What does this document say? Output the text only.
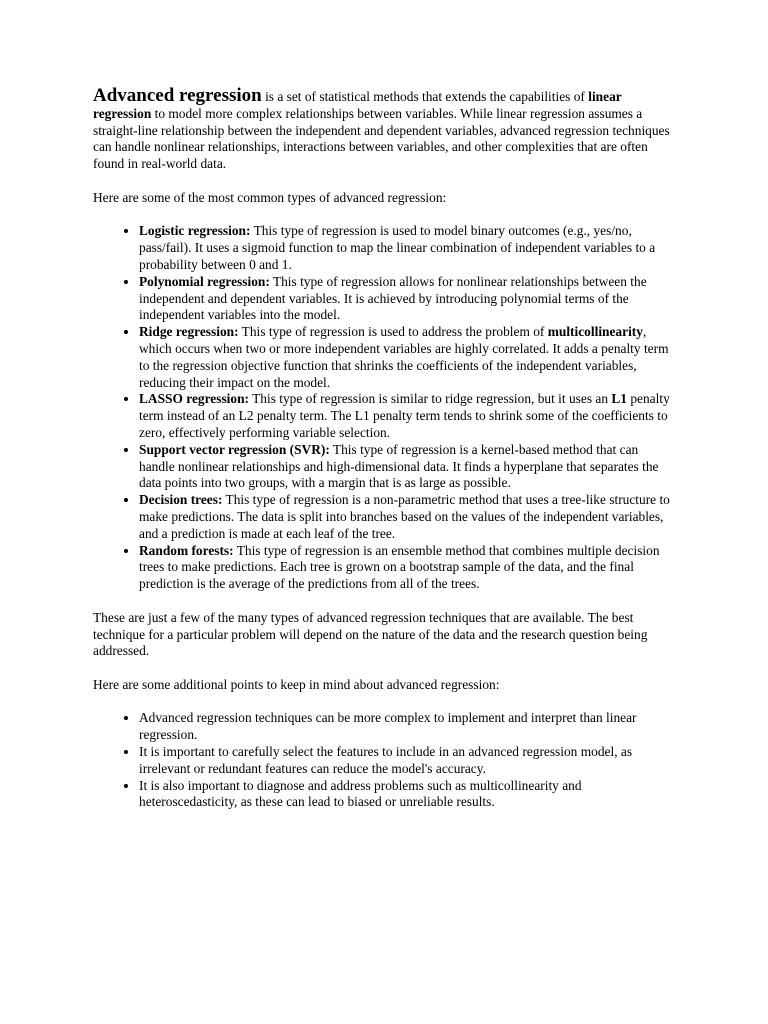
Advanced regression is a set of statistical methods that extends the capabilities of linear regression to model more complex relationships between variables. While linear regression assumes a straight-line relationship between the independent and dependent variables, advanced regression techniques can handle nonlinear relationships, interactions between variables, and other complexities that are often found in real-world data.

Here are some of the most common types of advanced regression:

• Logistic regression: This type of regression is used to model binary outcomes (e.g., yes/no, pass/fail). It uses a sigmoid function to map the linear combination of independent variables to a probability between 0 and 1.
• Polynomial regression: This type of regression allows for nonlinear relationships between the independent and dependent variables. It is achieved by introducing polynomial terms of the independent variables into the model.
• Ridge regression: This type of regression is used to address the problem of multicollinearity, which occurs when two or more independent variables are highly correlated. It adds a penalty term to the regression objective function that shrinks the coefficients of the independent variables, reducing their impact on the model.
• LASSO regression: This type of regression is similar to ridge regression, but it uses an L1 penalty term instead of an L2 penalty term. The L1 penalty term tends to shrink some of the coefficients to zero, effectively performing variable selection.
• Support vector regression (SVR): This type of regression is a kernel-based method that can handle nonlinear relationships and high-dimensional data. It finds a hyperplane that separates the data points into two groups, with a margin that is as large as possible.
• Decision trees: This type of regression is a non-parametric method that uses a tree-like structure to make predictions. The data is split into branches based on the values of the independent variables, and a prediction is made at each leaf of the tree.
• Random forests: This type of regression is an ensemble method that combines multiple decision trees to make predictions. Each tree is grown on a bootstrap sample of the data, and the final prediction is the average of the predictions from all of the trees.

These are just a few of the many types of advanced regression techniques that are available. The best technique for a particular problem will depend on the nature of the data and the research question being addressed.

Here are some additional points to keep in mind about advanced regression:

• Advanced regression techniques can be more complex to implement and interpret than linear regression.
• It is important to carefully select the features to include in an advanced regression model, as irrelevant or redundant features can reduce the model's accuracy.
• It is also important to diagnose and address problems such as multicollinearity and heteroscedasticity, as these can lead to biased or unreliable results.
